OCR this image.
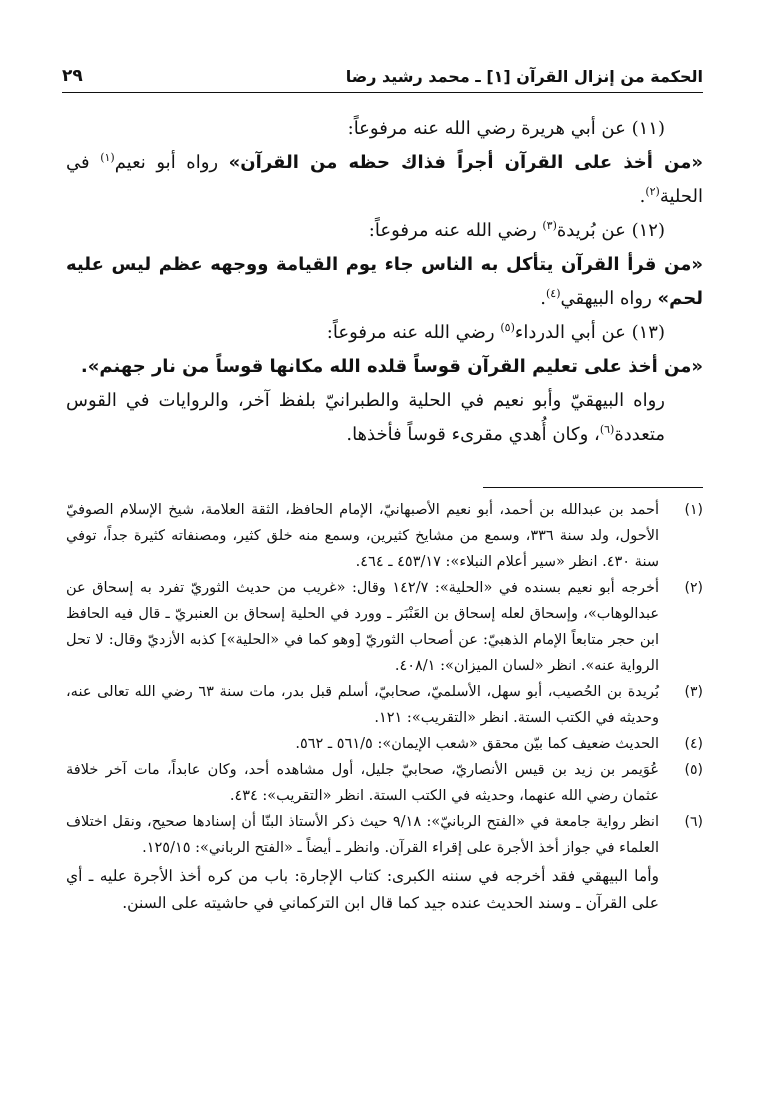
الحكمة من إنزال القرآن [١] ـ محمد رشيد رضا
٢٩

(١١) عن أبي هريرة رضي الله عنه مرفوعاً:

«من أخذ على القرآن أجراً فذاك حظه من القرآن» رواه أبو نعيم$^{(١)}$ في الحلية$^{(٢)}$.

(١٢) عن بُريدة$^{(٣)}$ رضي الله عنه مرفوعاً:

«من قرأ القرآن يتأكل به الناس جاء يوم القيامة ووجهه عظم ليس عليه لحم» رواه البيهقي$^{(٤)}$.

(١٣) عن أبي الدرداء$^{(٥)}$ رضي الله عنه مرفوعاً:

«من أخذ على تعليم القرآن قوساً قلده الله مكانها قوساً من نار جهنم».

رواه البيهقيّ وأبو نعيم في الحلية والطبرانيّ بلفظ آخر، والروايات في القوس متعددة$^{(٦)}$، وكان أُهدي مقرىء قوساً فأخذها.

(١)
أحمد بن عبدالله بن أحمد، أبو نعيم الأصبهانيّ، الإمام الحافظ، الثقة العلامة، شيخ الإسلام الصوفيّ الأحول، ولد سنة ٣٣٦، وسمع من مشايخ كثيرين، وسمع منه خلق كثير، ومصنفاته كثيرة جداً، توفي سنة ٤٣٠. انظر «سير أعلام النبلاء»: ٤٥٣/١٧ ـ ٤٦٤.

(٢)
أخرجه أبو نعيم بسنده في «الحلية»: ١٤٢/٧ وقال: «غريب من حديث الثوريّ تفرد به إسحاق عن عبدالوهاب»، وإسحاق لعله إسحاق بن العَنْبَر ـ وورد في الحلية إسحاق بن العنبريّ ـ قال فيه الحافظ ابن حجر متابعاً الإمام الذهبيّ: عن أصحاب الثوريّ [وهو كما في «الحلية»] كذبه الأزديّ وقال: لا تحل الرواية عنه». انظر «لسان الميزان»: ٤٠٨/١.

(٣)
بُريدة بن الحُصيب، أبو سهل، الأسلميّ، صحابيّ، أسلم قبل بدر، مات سنة ٦٣ رضي الله تعالى عنه، وحديثه في الكتب الستة. انظر «التقريب»: ١٢١.

(٤)
الحديث ضعيف كما بيّن محقق «شعب الإيمان»: ٥٦١/٥ ـ ٥٦٢.

(٥)
عُوَيمر بن زيد بن قيس الأنصاريّ، صحابيّ جليل، أول مشاهده أحد، وكان عابداً، مات آخر خلافة عثمان رضي الله عنهما، وحديثه في الكتب الستة. انظر «التقريب»: ٤٣٤.

(٦)
انظر رواية جامعة في «الفتح الربانيّ»: ٩/١٨ حيث ذكر الأستاذ البنّا أن إسنادها صحيح، ونقل اختلاف العلماء في جواز أخذ الأجرة على إقراء القرآن. وانظر ـ أيضاً ـ «الفتح الرباني»: ١٢٥/١٥.

وأما البيهقي فقد أخرجه في سننه الكبرى: كتاب الإجارة: باب من كره أخذ الأجرة عليه ـ أي على القرآن ـ وسند الحديث عنده جيد كما قال ابن التركماني في حاشيته على السنن.
